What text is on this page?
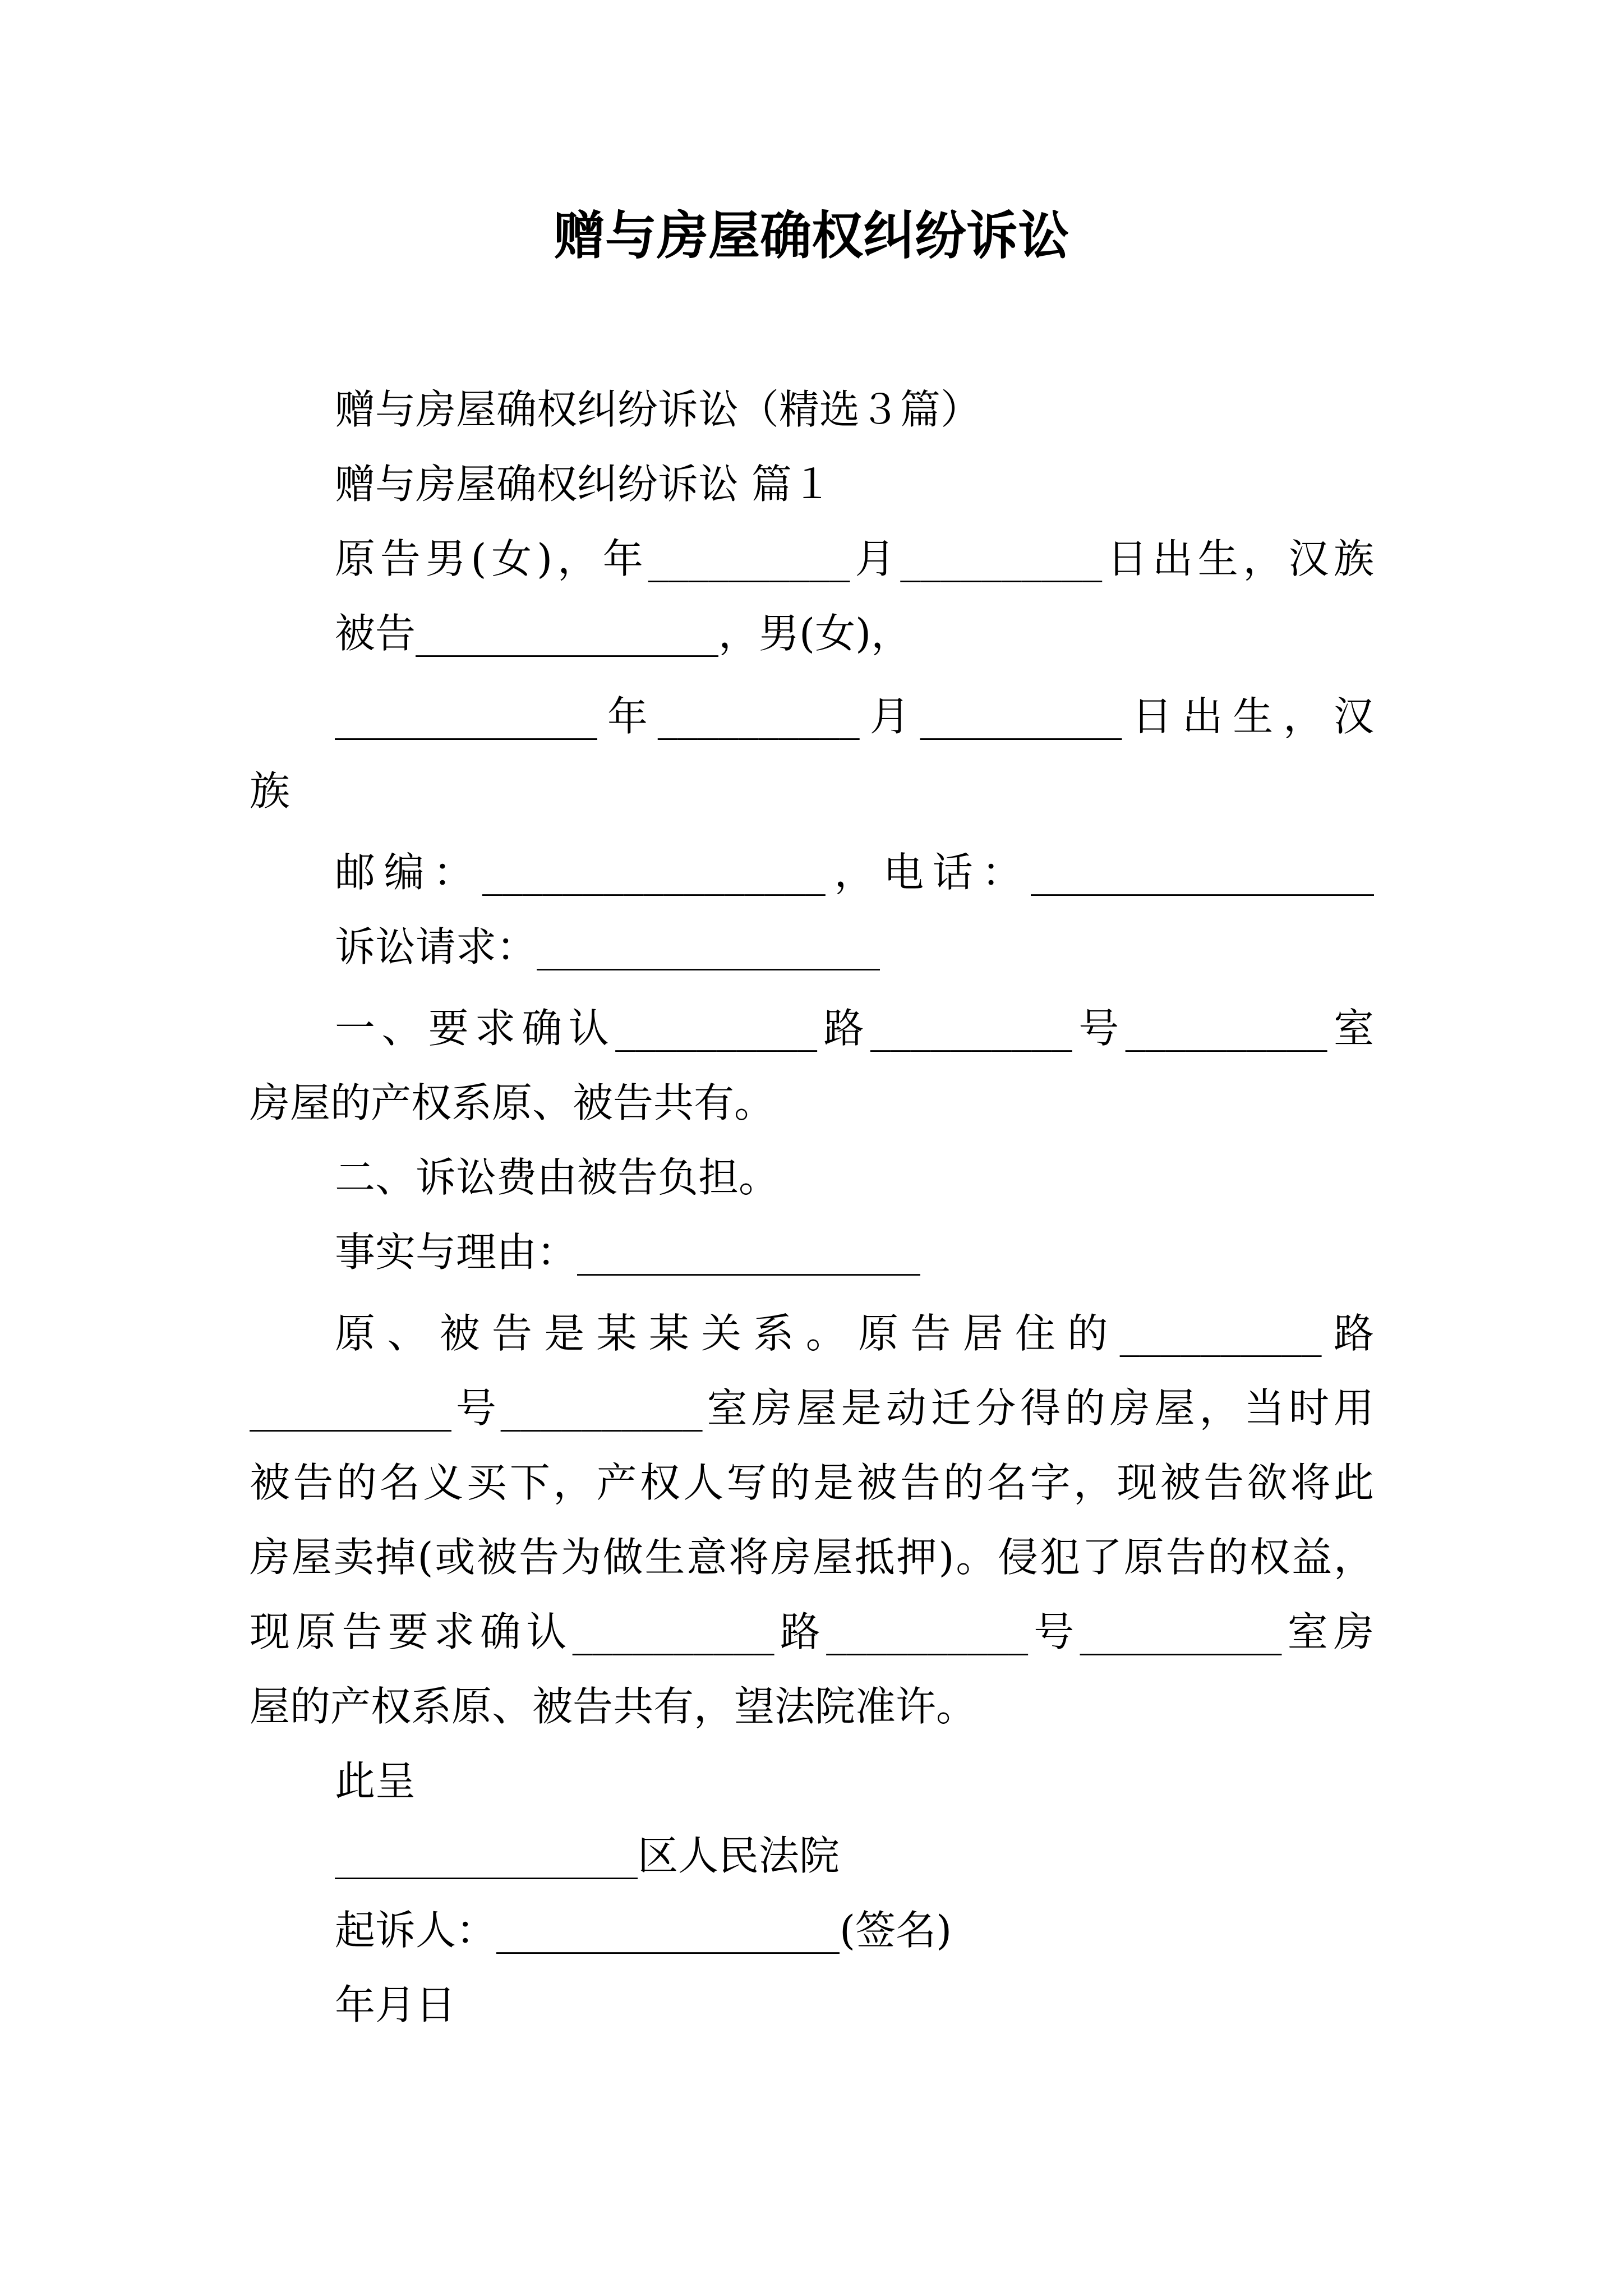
赠与房屋确权纠纷诉讼
赠与房屋确权纠纷诉讼（精选３篇）
赠与房屋确权纠纷诉讼 篇１
原告男(女)，年__________月__________日出生，汉族
被告_______________，男(女)，
_____________年__________月__________日出生，汉
族
邮编：_________________，电话：_________________
诉讼请求：_________________
一、要求确认__________路__________号__________室
房屋的产权系原、被告共有。
二、诉讼费由被告负担。
事实与理由：_________________
原、被告是某某关系。原告居住的__________路
__________号__________室房屋是动迁分得的房屋，当时用
被告的名义买下，产权人写的是被告的名字，现被告欲将此
房屋卖掉(或被告为做生意将房屋抵押)。侵犯了原告的权益，
现原告要求确认__________路__________号__________室房
屋的产权系原、被告共有，望法院准许。
此呈
_______________区人民法院
起诉人：_________________(签名)
年月日
